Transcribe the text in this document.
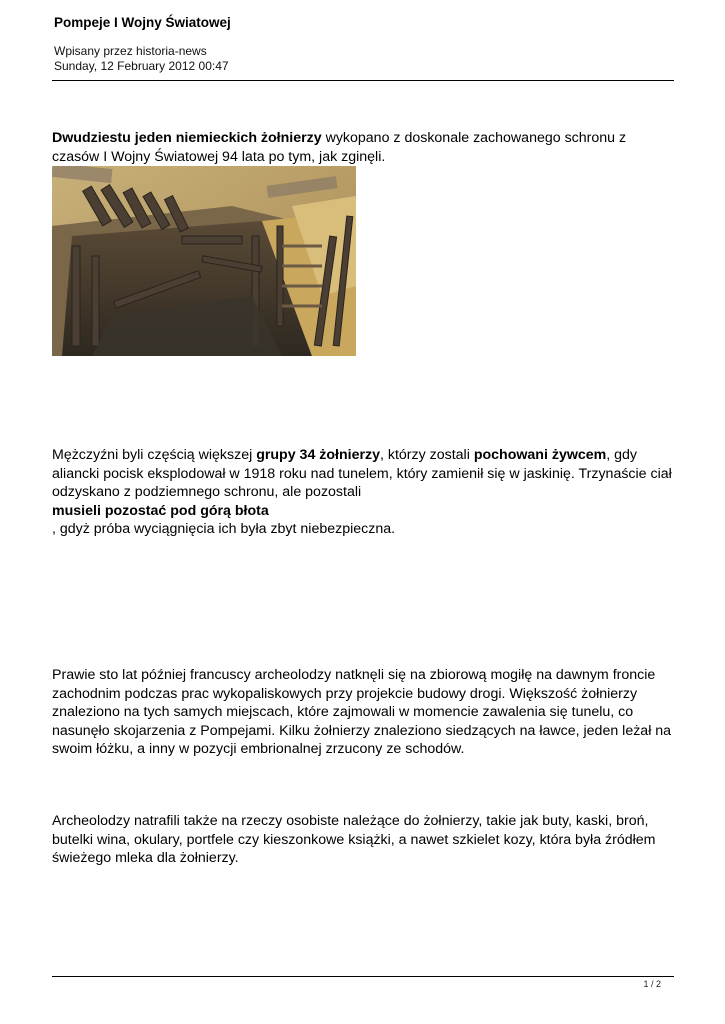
Pompeje I Wojny Światowej
Wpisany przez historia-news
Sunday, 12 February 2012 00:47

Dwudziestu jeden niemieckich żołnierzy wykopano z doskonale zachowanego schronu z czasów I Wojny Światowej 94 lata po tym, jak zginęli.

Mężczyźni byli częścią większej grupy 34 żołnierzy, którzy zostali pochowani żywcem, gdy aliancki pocisk eksplodował w 1918 roku nad tunelem, który zamienił się w jaskinię. Trzynaście ciał odzyskano z podziemnego schronu, ale pozostali
musieli pozostać pod górą błota
, gdyż próba wyciągnięcia ich była zbyt niebezpieczna.

Prawie sto lat później francuscy archeolodzy natknęli się na zbiorową mogiłę na dawnym froncie zachodnim podczas prac wykopaliskowych przy projekcie budowy drogi. Większość żołnierzy znaleziono na tych samych miejscach, które zajmowali w momencie zawalenia się tunelu, co nasunęło skojarzenia z Pompejami. Kilku żołnierzy znaleziono siedzących na ławce, jeden leżał na swoim łóżku, a inny w pozycji embrionalnej zrzucony ze schodów.

Archeolodzy natrafili także na rzeczy osobiste należące do żołnierzy, takie jak buty, kaski, broń, butelki wina, okulary, portfele czy kieszonkowe książki, a nawet szkielet kozy, która była źródłem świeżego mleka dla żołnierzy.

1 / 2
